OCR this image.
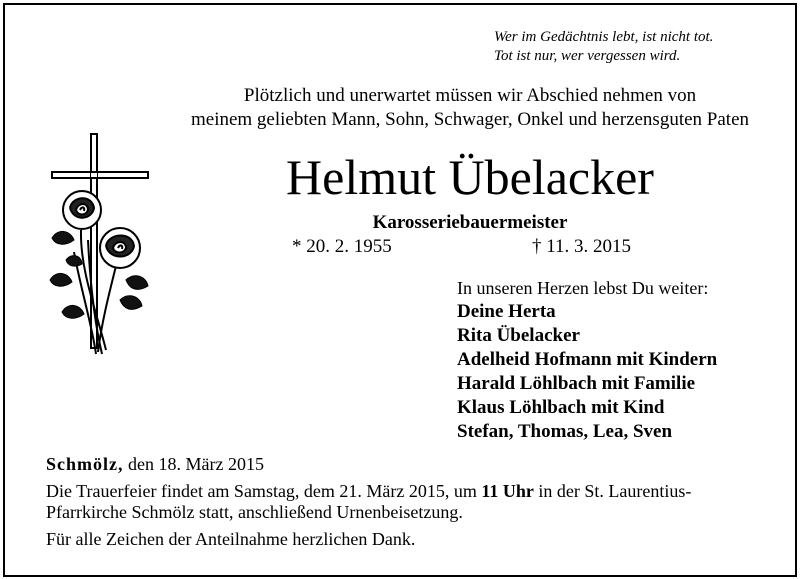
Wer im Gedächtnis lebt, ist nicht tot.
Tot ist nur, wer vergessen wird.
Plötzlich und unerwartet müssen wir Abschied nehmen von
meinem geliebten Mann, Sohn, Schwager, Onkel und herzensguten Paten
Helmut Übelacker
Karosseriebauermeister
* 20. 2. 1955	† 11. 3. 2015
In unseren Herzen lebst Du weiter:
Deine Herta
Rita Übelacker
Adelheid Hofmann mit Kindern
Harald Löhlbach mit Familie
Klaus Löhlbach mit Kind
Stefan, Thomas, Lea, Sven
Schmölz, den 18. März 2015
Die Trauerfeier findet am Samstag, dem 21. März 2015, um 11 Uhr in der St. Laurentius-
Pfarrkirche Schmölz statt, anschließend Urnenbeisetzung.
Für alle Zeichen der Anteilnahme herzlichen Dank.
